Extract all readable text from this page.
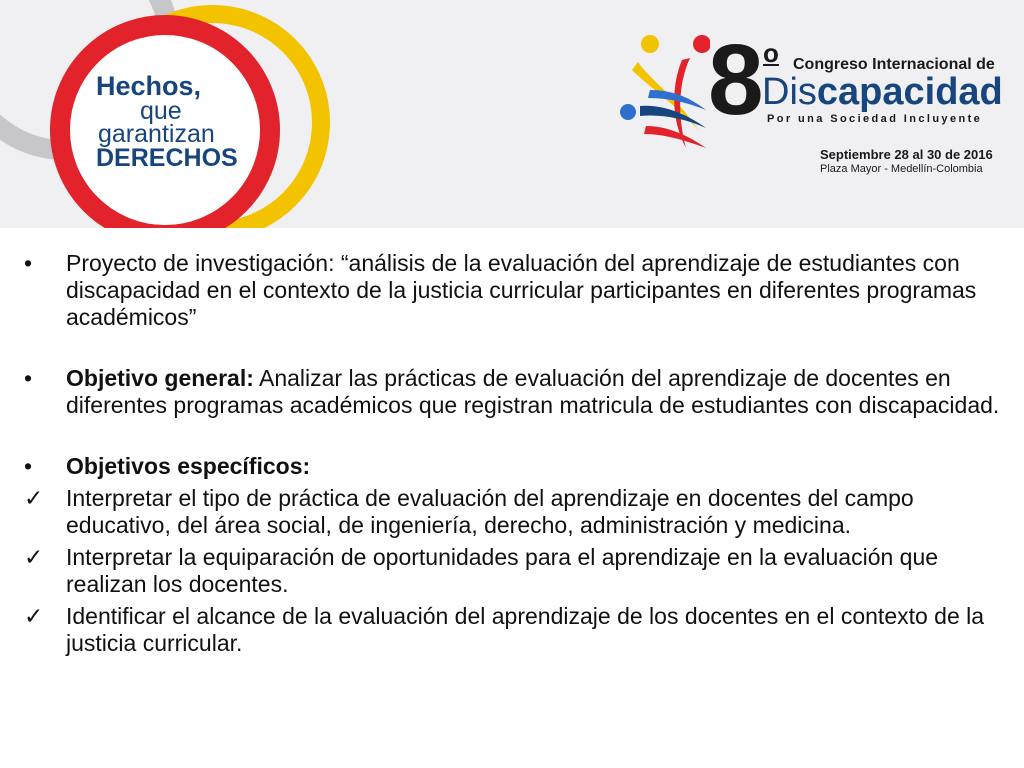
Hechos,
que
garantizan
DERECHOS
8 o Congreso Internacional de
Discapacidad
Por una Sociedad Incluyente
Septiembre 28 al 30 de 2016
Plaza Mayor - Medellín-Colombia
•	Proyecto de investigación: “análisis de la evaluación del aprendizaje de estudiantes con discapacidad en el contexto de la justicia curricular participantes en diferentes programas académicos”
•	Objetivo general: Analizar las prácticas de evaluación del aprendizaje de docentes en diferentes programas académicos que registran matricula de estudiantes con discapacidad.
•	Objetivos específicos:
✓ Interpretar el tipo de práctica de evaluación del aprendizaje en docentes del campo educativo, del área social, de ingeniería, derecho, administración y medicina.
✓ Interpretar la equiparación de oportunidades para el aprendizaje en la evaluación que realizan los docentes.
✓ Identificar el alcance de la evaluación del aprendizaje de los docentes en el contexto de la justicia curricular.
